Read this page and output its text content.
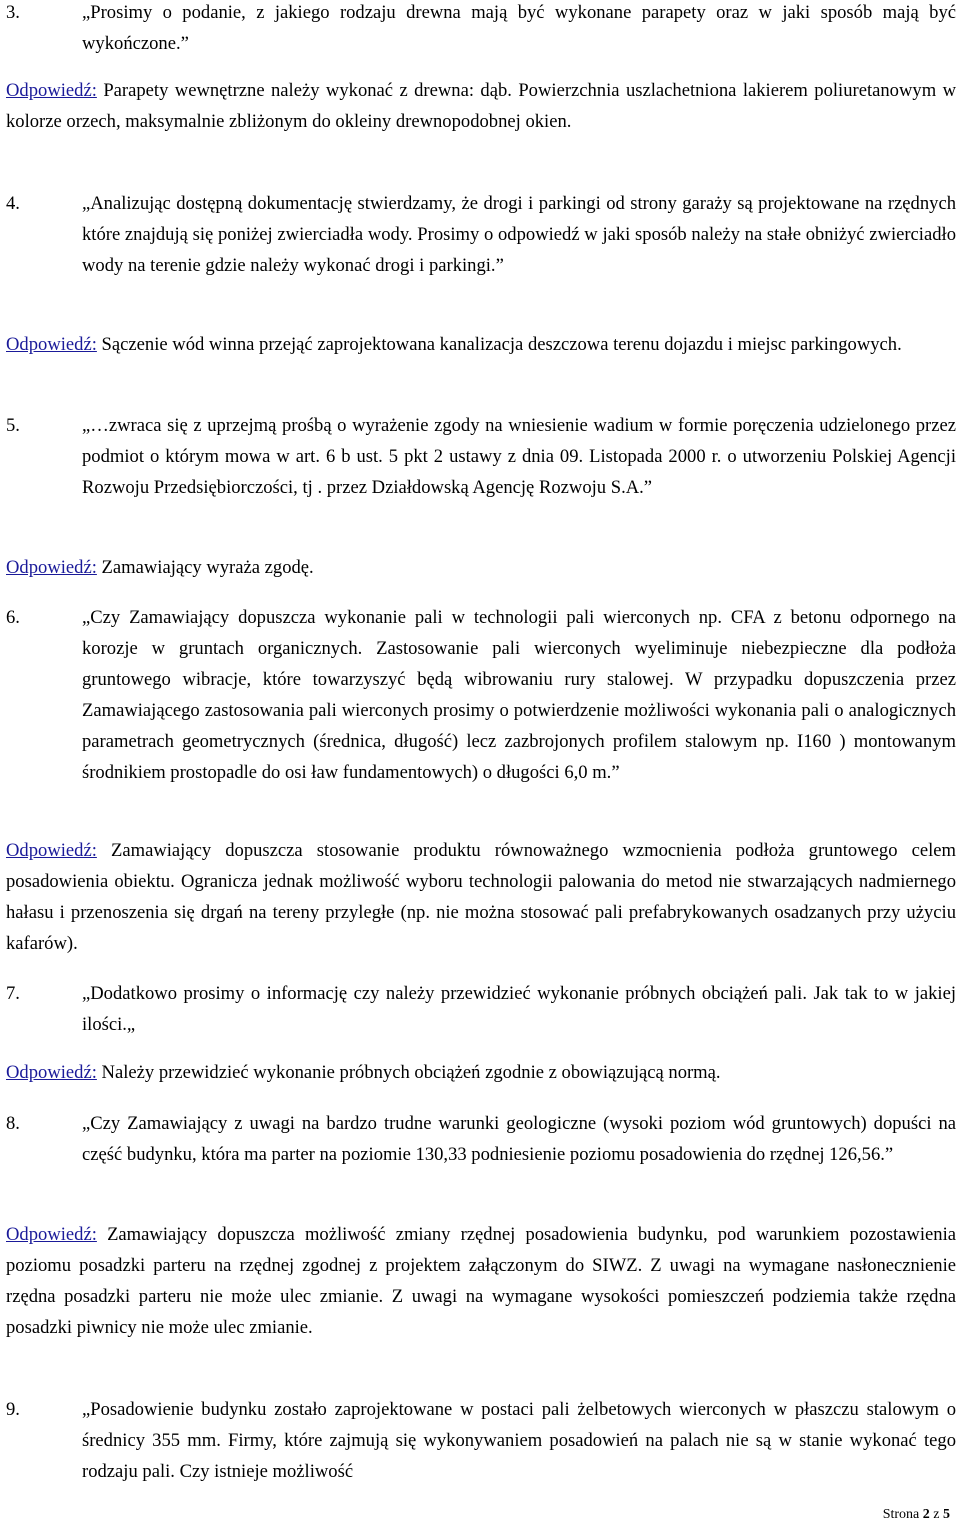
3.	„Prosimy o podanie, z jakiego rodzaju drewna mają być wykonane parapety oraz w jaki sposób mają być wykończone.”
Odpowiedź: Parapety wewnętrzne należy wykonać z drewna: dąb. Powierzchnia uszlachetniona lakierem poliuretanowym w kolorze orzech, maksymalnie zbliżonym do okleiny drewnopodobnej okien.
4.	„Analizując dostępną dokumentację stwierdzamy, że drogi i parkingi od strony garaży są projektowane na rzędnych które znajdują się poniżej zwierciadła wody. Prosimy o odpowiedź w jaki sposób należy na stałe obniżyć zwierciadło wody na terenie gdzie należy wykonać drogi i parkingi.”
Odpowiedź: Sączenie wód winna przejąć zaprojektowana kanalizacja deszczowa terenu dojazdu i miejsc parkingowych.
5.	„…zwraca się z uprzejmą prośbą o wyrażenie zgody na wniesienie wadium w formie poręczenia udzielonego przez podmiot o którym mowa w art. 6 b ust. 5 pkt 2 ustawy z dnia 09. Listopada 2000 r. o utworzeniu Polskiej Agencji Rozwoju Przedsiębiorczości, tj . przez Działdowską Agencję Rozwoju S.A.”
Odpowiedź: Zamawiający wyraża zgodę.
6.	„Czy Zamawiający dopuszcza wykonanie pali w technologii pali wierconych np. CFA z betonu odpornego na korozje w gruntach organicznych. Zastosowanie pali wierconych wyeliminuje niebezpieczne dla podłoża gruntowego wibracje, które towarzyszyć będą wibrowaniu rury stalowej. W przypadku dopuszczenia przez Zamawiającego zastosowania pali wierconych prosimy o potwierdzenie możliwości wykonania pali o analogicznych parametrach geometrycznych (średnica, długość) lecz zazbrojonych profilem stalowym np. I160 ) montowanym środnikiem prostopadle do osi ław fundamentowych) o długości 6,0 m.”
Odpowiedź: Zamawiający dopuszcza stosowanie produktu równoważnego wzmocnienia podłoża gruntowego celem posadowienia obiektu. Ogranicza jednak możliwość wyboru technologii palowania do metod nie stwarzających nadmiernego hałasu i przenoszenia się drgań na tereny przyległe (np. nie można stosować pali prefabrykowanych osadzanych przy użyciu kafarów).
7.	„Dodatkowo prosimy o informację czy należy przewidzieć wykonanie próbnych obciążeń pali. Jak tak to w jakiej ilości.„
Odpowiedź: Należy przewidzieć wykonanie próbnych obciążeń zgodnie z obowiązującą normą.
8.	„Czy Zamawiający z uwagi na bardzo trudne warunki geologiczne (wysoki poziom wód gruntowych) dopuści na część budynku, która ma parter na poziomie 130,33 podniesienie poziomu posadowienia do rzędnej 126,56.”
Odpowiedź: Zamawiający dopuszcza możliwość zmiany rzędnej posadowienia budynku, pod warunkiem pozostawienia poziomu posadzki parteru na rzędnej zgodnej z projektem załączonym do SIWZ. Z uwagi na wymagane nasłonecznienie rzędna posadzki parteru nie może ulec zmianie. Z uwagi na wymagane wysokości pomieszczeń podziemia także rzędna posadzki piwnicy nie może ulec zmianie.
9.	„Posadowienie budynku zostało zaprojektowane w postaci pali żelbetowych wierconych w płaszczu stalowym o średnicy 355 mm. Firmy, które zajmują się wykonywaniem posadowień na palach nie są w stanie wykonać tego rodzaju pali. Czy istnieje możliwość
Strona 2 z 5
